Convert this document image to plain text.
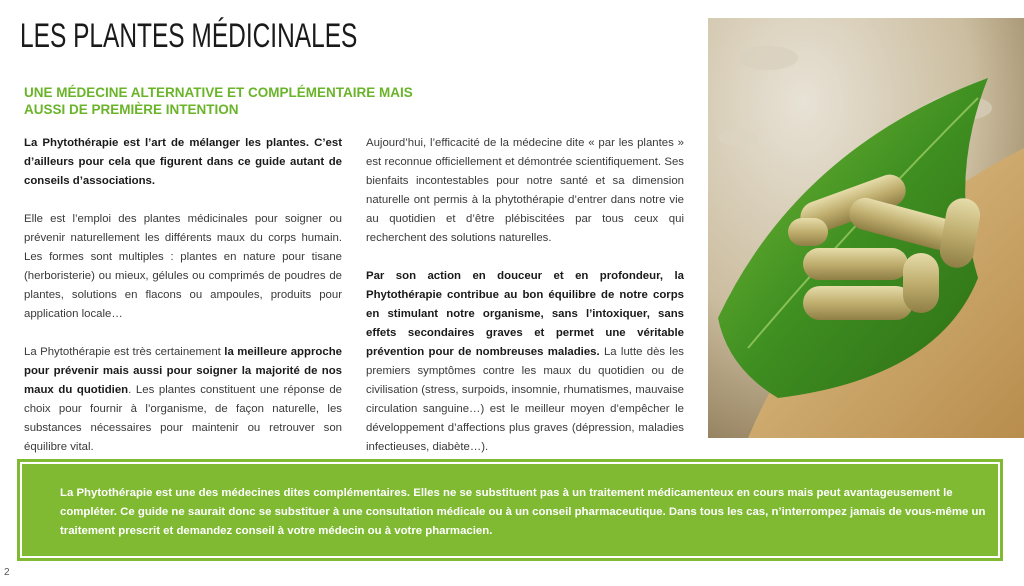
LES PLANTES MÉDICINALES
UNE MÉDECINE ALTERNATIVE ET COMPLÉMENTAIRE MAIS AUSSI DE PREMIÈRE INTENTION

La Phytothérapie est l’art de mélanger les plantes. C’est d’ailleurs pour cela que figurent dans ce guide autant de conseils d’associations.

Elle est l’emploi des plantes médicinales pour soigner ou prévenir naturellement les différents maux du corps humain. Les formes sont multiples : plantes en nature pour tisane (herboristerie) ou mieux, gélules ou comprimés de poudres de plantes, solutions en flacons ou ampoules, produits pour application locale…

La Phytothérapie est très certainement la meilleure approche pour prévenir mais aussi pour soigner la majorité de nos maux du quotidien. Les plantes constituent une réponse de choix pour fournir à l’organisme, de façon naturelle, les substances nécessaires pour maintenir ou retrouver son équilibre vital.

Aujourd’hui, l’efficacité de la médecine dite « par les plantes » est reconnue officiellement et démontrée scientifiquement. Ses bienfaits incontestables pour notre santé et sa dimension naturelle ont permis à la phytothérapie d’entrer dans notre vie au quotidien et d’être plébiscitées par tous ceux qui recherchent des solutions naturelles.

Par son action en douceur et en profondeur, la Phytothérapie contribue au bon équilibre de notre corps en stimulant notre organisme, sans l’intoxiquer, sans effets secondaires graves et permet une véritable prévention pour de nombreuses maladies. La lutte dès les premiers symptômes contre les maux du quotidien ou de civilisation (stress, surpoids, insomnie, rhumatismes, mauvaise circulation sanguine…) est le meilleur moyen d’empêcher le développement d’affections plus graves (dépression, maladies infectieuses, diabète…).

La Phytothérapie est une des médecines dites complémentaires. Elles ne se substituent pas à un traitement médicamenteux en cours mais peut avantageusement le compléter. Ce guide ne saurait donc se substituer à une consultation médicale ou à un conseil pharmaceutique. Dans tous les cas, n’interrompez jamais de vous-même un traitement prescrit et demandez conseil à votre médecin ou à votre pharmacien.

2
